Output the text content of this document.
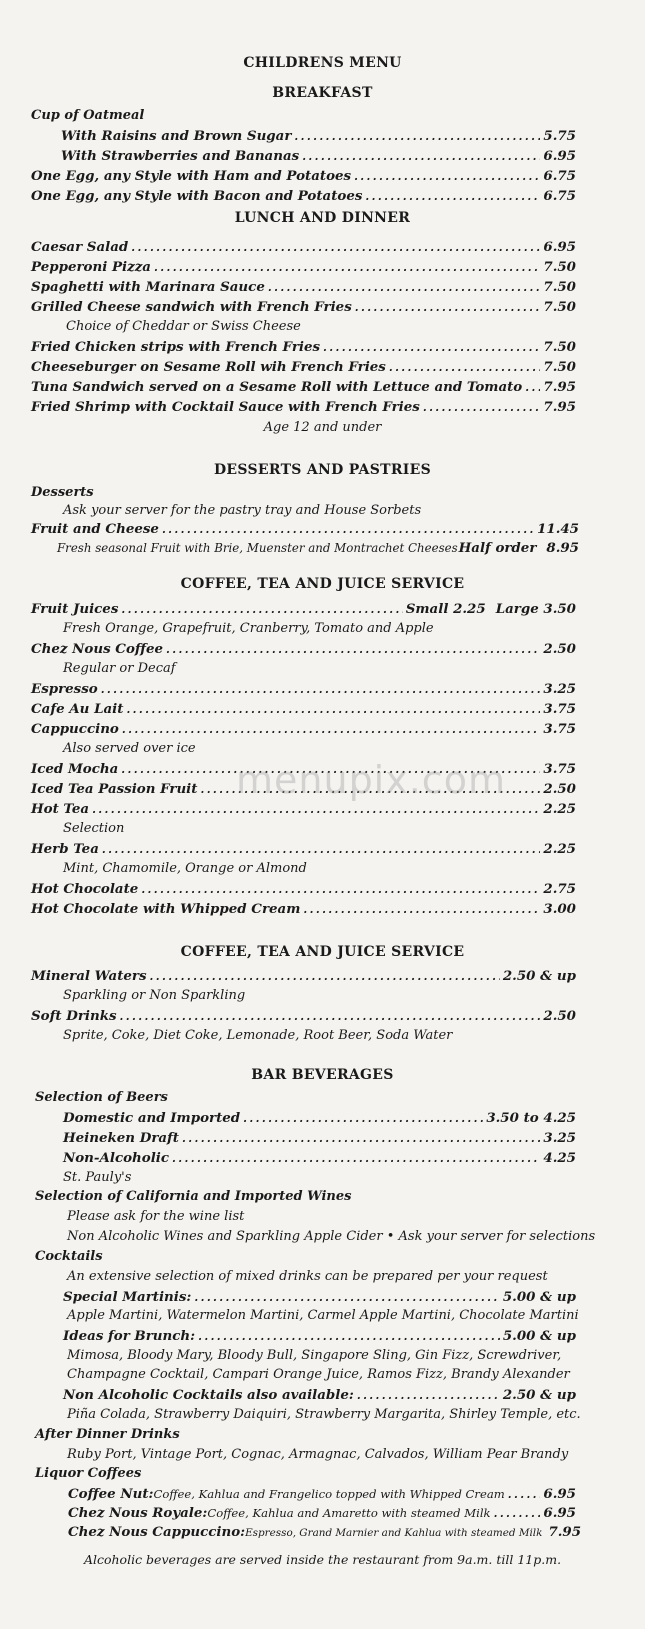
CHILDRENS MENU
BREAKFAST
Cup of Oatmeal
With Raisins and Brown Sugar .....	5.75
With Strawberries and Bananas .....	6.95
One Egg, any Style with Ham and Potatoes .....	6.75
One Egg, any Style with Bacon and Potatoes .....	6.75
LUNCH AND DINNER
Caesar Salad .....	6.95
Pepperoni Pizza .....	7.50
Spaghetti with Marinara Sauce .....	7.50
Grilled Cheese sandwich with French Fries .....	7.50
Choice of Cheddar or Swiss Cheese
Fried Chicken strips with French Fries .....	7.50
Cheeseburger on Sesame Roll wih French Fries .....	7.50
Tuna Sandwich served on a Sesame Roll with Lettuce and Tomato ..... 7.95
Fried Shrimp with Cocktail Sauce with French Fries .....	7.95
Age 12 and under
DESSERTS AND PASTRIES
Desserts
Ask your server for the pastry tray and House Sorbets
Fruit and Cheese .....	11.45
Fresh seasonal Fruit with Brie, Muenster and Montrachet Cheeses Half order 8.95
COFFEE, TEA AND JUICE SERVICE
Fruit Juices .....	Small 2.25 Large 3.50
Fresh Orange, Grapefruit, Cranberry, Tomato and Apple
Chez Nous Coffee .....	2.50
Regular or Decaf
Espresso .....	3.25
Cafe Au Lait .....	3.75
Cappuccino .....	3.75
Also served over ice
Iced Mocha .....	3.75
Iced Tea Passion Fruit .....	2.50
Hot Tea .....	2.25
Selection
Herb Tea .....	2.25
Mint, Chamomile, Orange or Almond
Hot Chocolate .....	2.75
Hot Chocolate with Whipped Cream .....	3.00
COFFEE, TEA AND JUICE SERVICE
Mineral Waters .....	2.50 & up
Sparkling or Non Sparkling
Soft Drinks .....	2.50
Sprite, Coke, Diet Coke, Lemonade, Root Beer, Soda Water
BAR BEVERAGES
Selection of Beers
Domestic and Imported .....	3.50 to 4.25
Heineken Draft .....	3.25
Non-Alcoholic .....	4.25
St. Pauly's
Selection of California and Imported Wines
Please ask for the wine list
Non Alcoholic Wines and Sparkling Apple Cider • Ask your server for selections
Cocktails
An extensive selection of mixed drinks can be prepared per your request
Special Martinis: .....	5.00 & up
Apple Martini, Watermelon Martini, Carmel Apple Martini, Chocolate Martini
Ideas for Brunch: .....	5.00 & up
Mimosa, Bloody Mary, Bloody Bull, Singapore Sling, Gin Fizz, Screwdriver,
Champagne Cocktail, Campari Orange Juice, Ramos Fizz, Brandy Alexander
Non Alcoholic Cocktails also available: .....	2.50 & up
Piña Colada, Strawberry Daiquiri, Strawberry Margarita, Shirley Temple, etc.
After Dinner Drinks
Ruby Port, Vintage Port, Cognac, Armagnac, Calvados, William Pear Brandy
Liquor Coffees
Coffee Nut: Coffee, Kahlua and Frangelico topped with Whipped Cream .....	6.95
Chez Nous Royale: Coffee, Kahlua and Amaretto with steamed Milk .....	6.95
Chez Nous Cappuccino: Espresso, Grand Marnier and Kahlua with steamed Milk 7.95
Alcoholic beverages are served inside the restaurant from 9a.m. till 11p.m.
menupix.com
